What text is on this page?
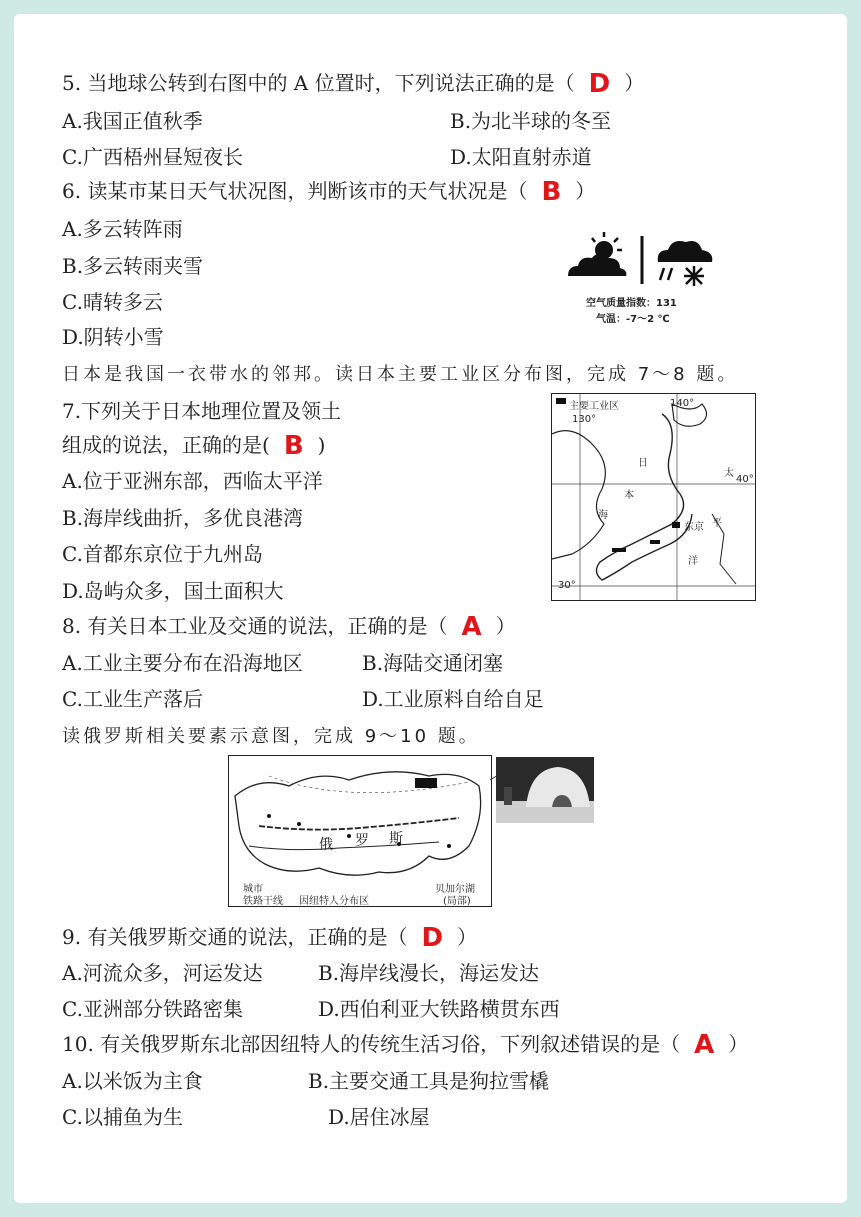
5. 当地球公转到右图中的 A 位置时，下列说法正确的是（ D ）
A.我国正值秋季	B.为北半球的冬至
C.广西梧州昼短夜长	D.太阳直射赤道
6. 读某市某日天气状况图，判断该市的天气状况是（ B ）
A.多云转阵雨
B.多云转雨夹雪
C.晴转多云
D.阴转小雪
空气质量指数：131
气温：-7～2 ℃
日本是我国一衣带水的邻邦。读日本主要工业区分布图，完成 7～8 题。
7.下列关于日本地理位置及领土
组成的说法，正确的是( B )
A.位于亚洲东部，西临太平洋
B.海岸线曲折，多优良港湾
C.首都东京位于九州岛
D.岛屿众多，国土面积大
主要工业区
130°
140°
40°
30°
日
本
海
太
平
洋
东京
8. 有关日本工业及交通的说法，正确的是（ A ）
A.工业主要分布在沿海地区	B.海陆交通闭塞
C.工业生产落后	D.工业原料自给自足
读俄罗斯相关要素示意图，完成 9～10 题。
俄 罗 斯
城市
铁路干线 因纽特人分布区
贝加尔湖
(局部)
9. 有关俄罗斯交通的说法，正确的是（ D ）
A.河流众多，河运发达	B.海岸线漫长，海运发达
C.亚洲部分铁路密集	D.西伯利亚大铁路横贯东西
10. 有关俄罗斯东北部因纽特人的传统生活习俗，下列叙述错误的是（ A ）
A.以米饭为主食	B.主要交通工具是狗拉雪橇
C.以捕鱼为生	D.居住冰屋
